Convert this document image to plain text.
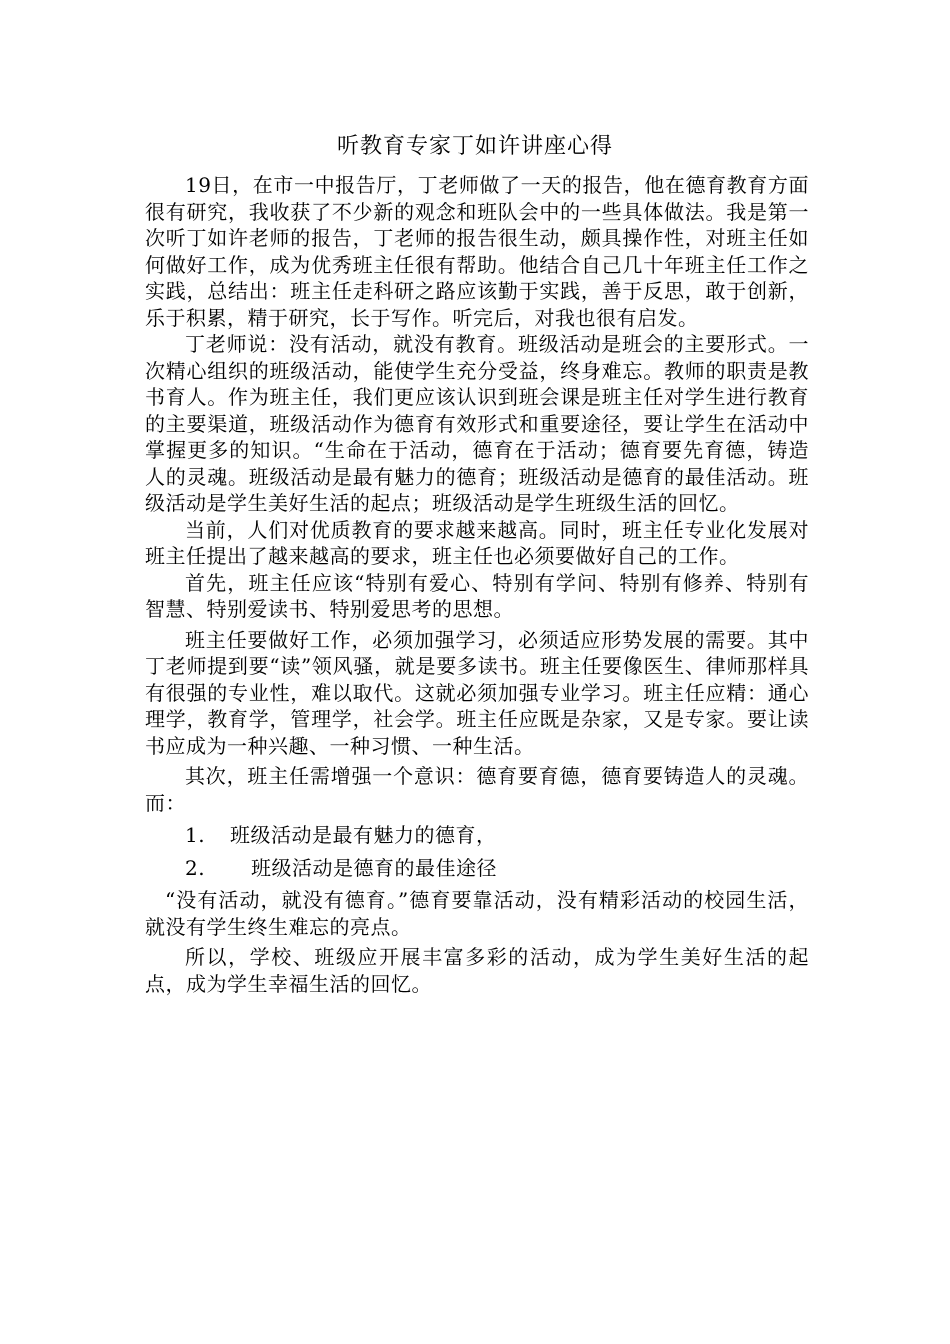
听教育专家丁如许讲座心得

19日，在市一中报告厅，丁老师做了一天的报告，他在德育教育方面很有研究，我收获了不少新的观念和班队会中的一些具体做法。我是第一次听丁如许老师的报告，丁老师的报告很生动，颇具操作性，对班主任如何做好工作，成为优秀班主任很有帮助。他结合自己几十年班主任工作之实践，总结出：班主任走科研之路应该勤于实践，善于反思，敢于创新，乐于积累，精于研究，长于写作。听完后，对我也很有启发。

丁老师说：没有活动，就没有教育。班级活动是班会的主要形式。一次精心组织的班级活动，能使学生充分受益，终身难忘。教师的职责是教书育人。作为班主任，我们更应该认识到班会课是班主任对学生进行教育的主要渠道，班级活动作为德育有效形式和重要途径，要让学生在活动中掌握更多的知识。“生命在于活动，德育在于活动；德育要先育德，铸造人的灵魂。班级活动是最有魅力的德育；班级活动是德育的最佳活动。班级活动是学生美好生活的起点；班级活动是学生班级生活的回忆。

当前，人们对优质教育的要求越来越高。同时，班主任专业化发展对班主任提出了越来越高的要求，班主任也必须要做好自己的工作。

首先，班主任应该“特别有爱心、特别有学问、特别有修养、特别有智慧、特别爱读书、特别爱思考的思想。

班主任要做好工作，必须加强学习，必须适应形势发展的需要。其中丁老师提到要“读”领风骚，就是要多读书。班主任要像医生、律师那样具有很强的专业性，难以取代。这就必须加强专业学习。班主任应精：通心理学，教育学，管理学，社会学。班主任应既是杂家，又是专家。要让读书应成为一种兴趣、一种习惯、一种生活。

其次，班主任需增强一个意识：德育要育德，德育要铸造人的灵魂。而：

1. 班级活动是最有魅力的德育，
2. 班级活动是德育的最佳途径

“没有活动，就没有德育。”德育要靠活动，没有精彩活动的校园生活，就没有学生终生难忘的亮点。

所以，学校、班级应开展丰富多彩的活动，成为学生美好生活的起点，成为学生幸福生活的回忆。
